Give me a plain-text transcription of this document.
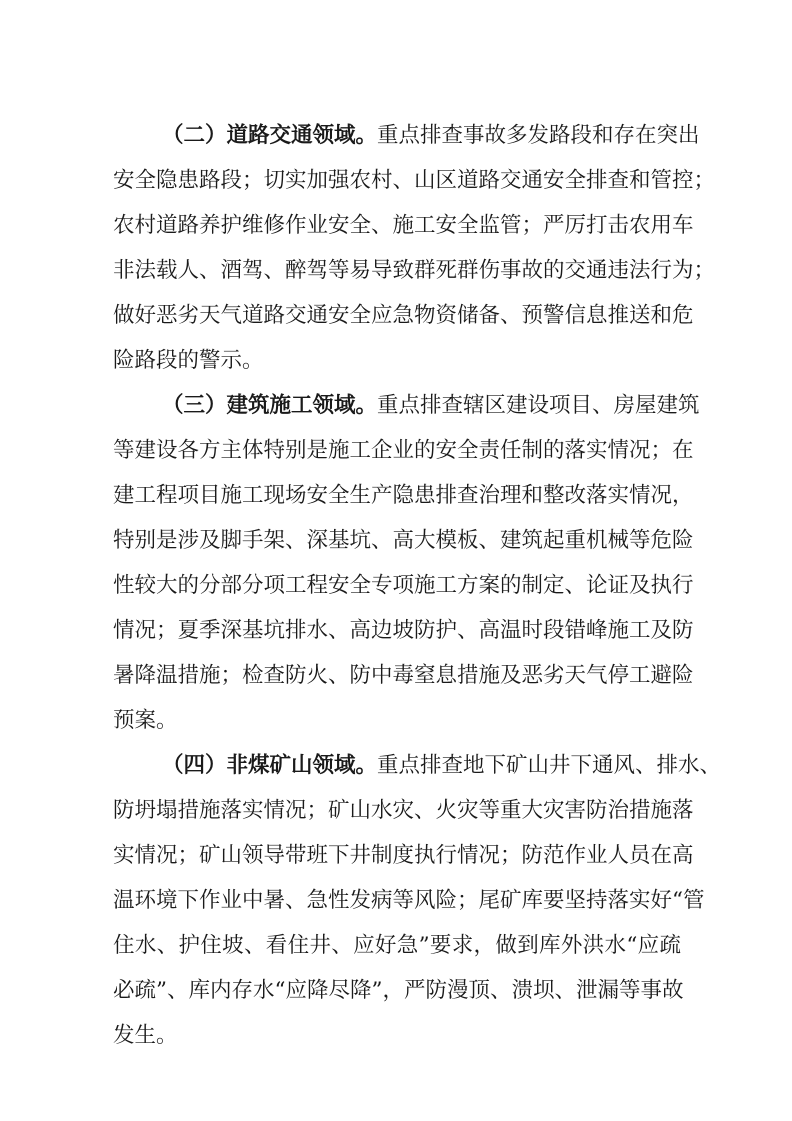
（二）道路交通领域。重点排查事故多发路段和存在突出
安全隐患路段；切实加强农村、山区道路交通安全排查和管控；
农村道路养护维修作业安全、施工安全监管；严厉打击农用车
非法载人、酒驾、醉驾等易导致群死群伤事故的交通违法行为；
做好恶劣天气道路交通安全应急物资储备、预警信息推送和危
险路段的警示。
（三）建筑施工领域。重点排查辖区建设项目、房屋建筑
等建设各方主体特别是施工企业的安全责任制的落实情况；在
建工程项目施工现场安全生产隐患排查治理和整改落实情况，
特别是涉及脚手架、深基坑、高大模板、建筑起重机械等危险
性较大的分部分项工程安全专项施工方案的制定、论证及执行
情况；夏季深基坑排水、高边坡防护、高温时段错峰施工及防
暑降温措施；检查防火、防中毒窒息措施及恶劣天气停工避险
预案。
（四）非煤矿山领域。重点排查地下矿山井下通风、排水、
防坍塌措施落实情况；矿山水灾、火灾等重大灾害防治措施落
实情况；矿山领导带班下井制度执行情况；防范作业人员在高
温环境下作业中暑、急性发病等风险；尾矿库要坚持落实好“管
住水、护住坡、看住井、应好急”要求，做到库外洪水“应疏
必疏”、库内存水“应降尽降”，严防漫顶、溃坝、泄漏等事故
发生。
